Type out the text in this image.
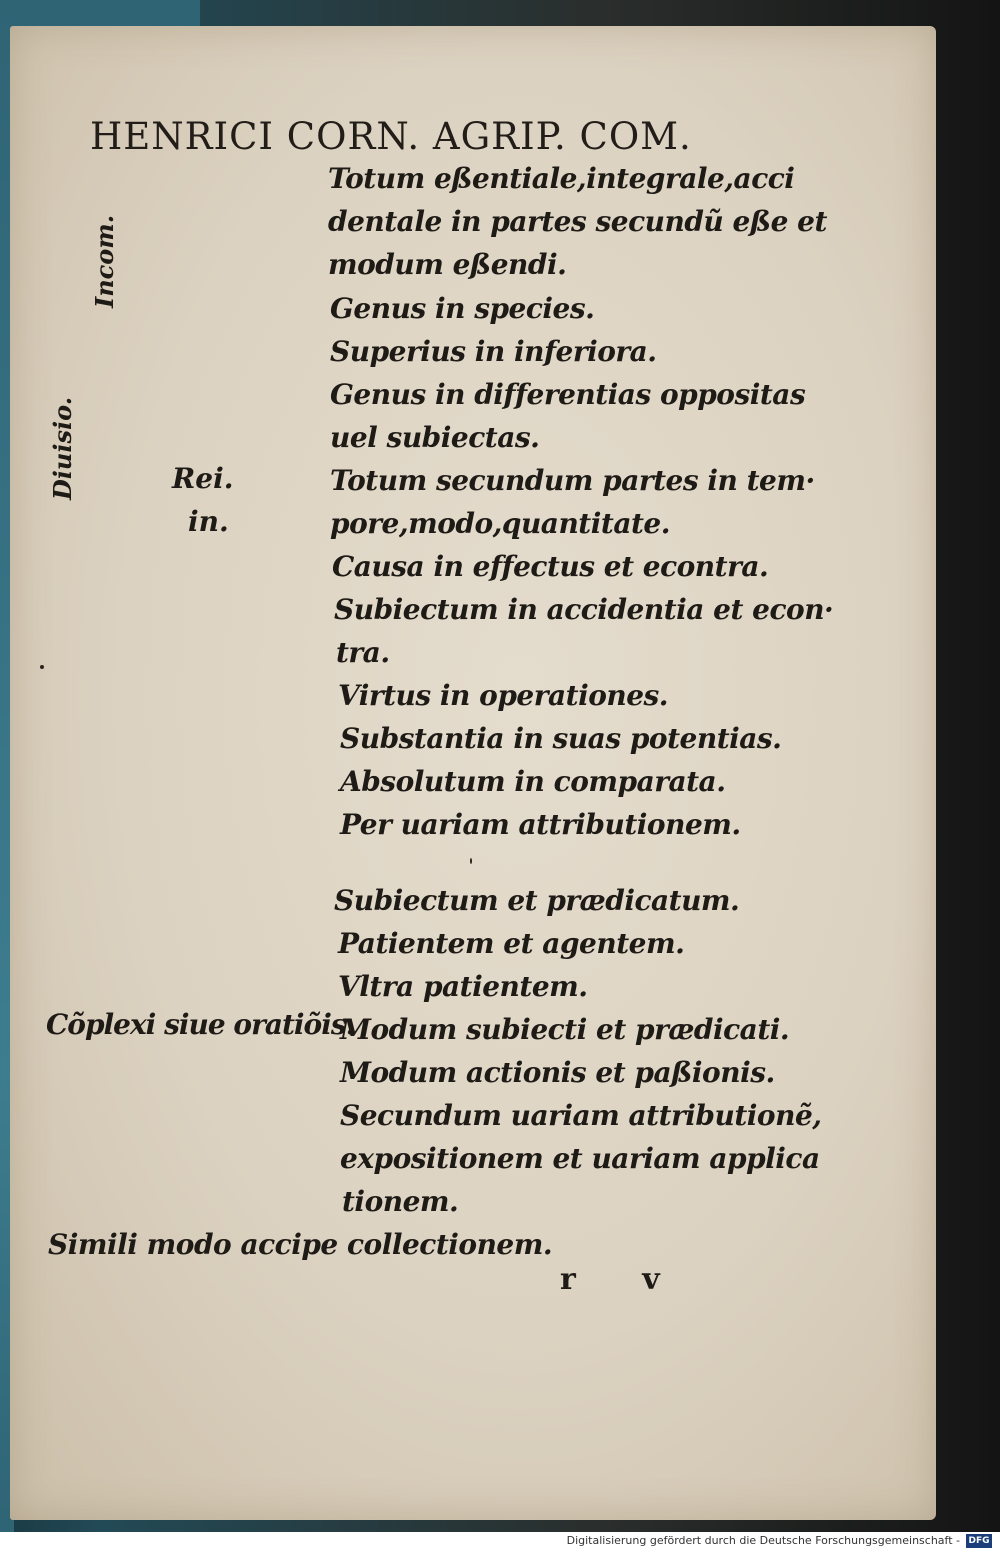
HENRICI CORN. AGRIP. COM.
Diuisio.
Incom.
Rei.
in.
Cõplexi siue oratiõis.
Totum eßentiale,integrale,acci
dentale in partes secundũ eße et
modum eßendi.
Genus in species.
Superius in inferiora.
Genus in differentias oppositas
uel subiectas.
Totum secundum partes in tem·
pore,modo,quantitate.
Causa in effectus et econtra.
Subiectum in accidentia et econ·
tra.
Virtus in operationes.
Substantia in suas potentias.
Absolutum in comparata.
Per uariam attributionem.
Subiectum et prædicatum.
Patientem et agentem.
Vltra patientem.
Modum subiecti et prædicati.
Modum actionis et paßionis.
Secundum uariam attributionẽ,
expositionem et uariam applica
tionem.
Simili modo accipe collectionem.
r v
Digitalisierung gefördert durch die Deutsche Forschungsgemeinschaft - DFG
